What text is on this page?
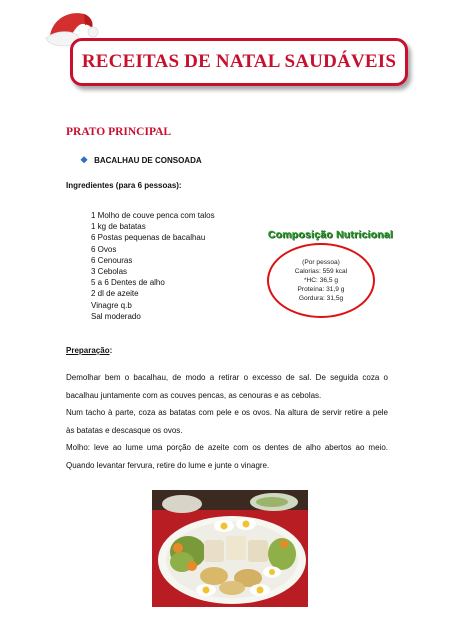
RECEITAS DE NATAL SAUDÁVEIS
PRATO PRINCIPAL
❖ BACALHAU DE CONSOADA
Ingredientes (para 6 pessoas):
1 Molho de couve penca com talos
1 kg de batatas
6 Postas pequenas de bacalhau
6 Ovos
6 Cenouras
3 Cebolas
5 a 6 Dentes de alho
2 dl de azeite
Vinagre q.b
Sal moderado
Composição Nutricional
(Por pessoa)
Calorias: 559 kcal
*HC: 36,5 g
Proteína: 31,9 g
Gordura: 31,5g
Preparação:

Demolhar bem o bacalhau, de modo a retirar o excesso de sal. De seguida coza o bacalhau juntamente com as couves pencas, as cenouras e as cebolas.

Num tacho à parte, coza as batatas com pele e os ovos. Na altura de servir retire a pele às batatas e descasque os ovos.

Molho: leve ao lume uma porção de azeite com os dentes de alho abertos ao meio. Quando levantar fervura, retire do lume e junte o vinagre.
